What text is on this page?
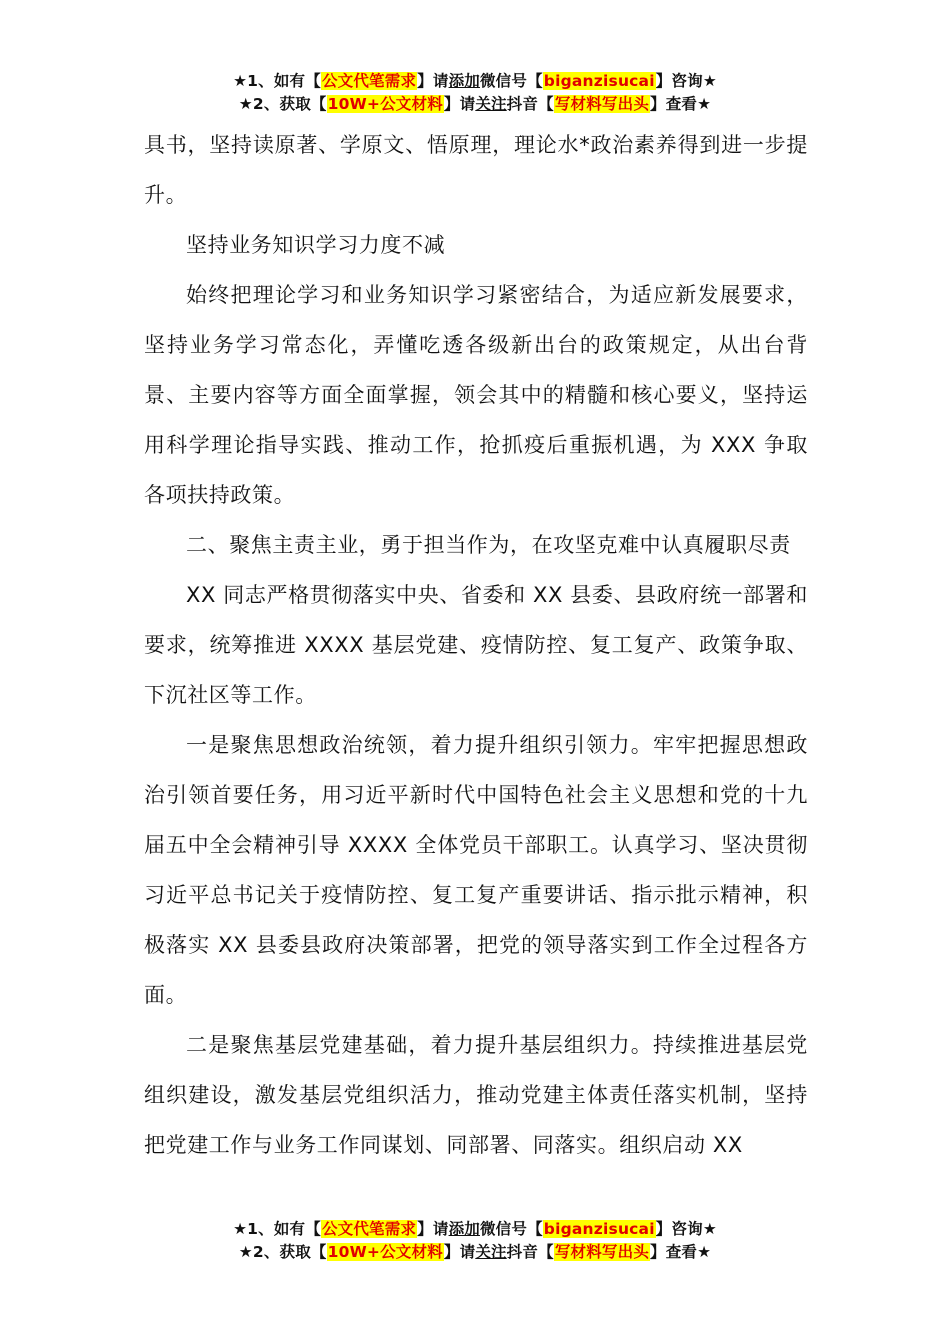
★1、如有【公文代笔需求】请添加微信号【biganzisucai】咨询★
★2、获取【10W+公文材料】请关注抖音【写材料写出头】查看★

具书，坚持读原著、学原文、悟原理，理论水*政治素养得到进一步提升。

坚持业务知识学习力度不减

始终把理论学习和业务知识学习紧密结合，为适应新发展要求，坚持业务学习常态化，弄懂吃透各级新出台的政策规定，从出台背景、主要内容等方面全面掌握，领会其中的精髓和核心要义，坚持运用科学理论指导实践、推动工作，抢抓疫后重振机遇，为 XXX 争取各项扶持政策。

二、聚焦主责主业，勇于担当作为，在攻坚克难中认真履职尽责

XX 同志严格贯彻落实中央、省委和 XX 县委、县政府统一部署和要求，统筹推进 XXXX 基层党建、疫情防控、复工复产、政策争取、下沉社区等工作。

一是聚焦思想政治统领，着力提升组织引领力。牢牢把握思想政治引领首要任务，用习近平新时代中国特色社会主义思想和党的十九届五中全会精神引导 XXXX 全体党员干部职工。认真学习、坚决贯彻习近平总书记关于疫情防控、复工复产重要讲话、指示批示精神，积极落实 XX 县委县政府决策部署，把党的领导落实到工作全过程各方面。

二是聚焦基层党建基础，着力提升基层组织力。持续推进基层党组织建设，激发基层党组织活力，推动党建主体责任落实机制，坚持把党建工作与业务工作同谋划、同部署、同落实。组织启动 XX

★1、如有【公文代笔需求】请添加微信号【biganzisucai】咨询★
★2、获取【10W+公文材料】请关注抖音【写材料写出头】查看★
